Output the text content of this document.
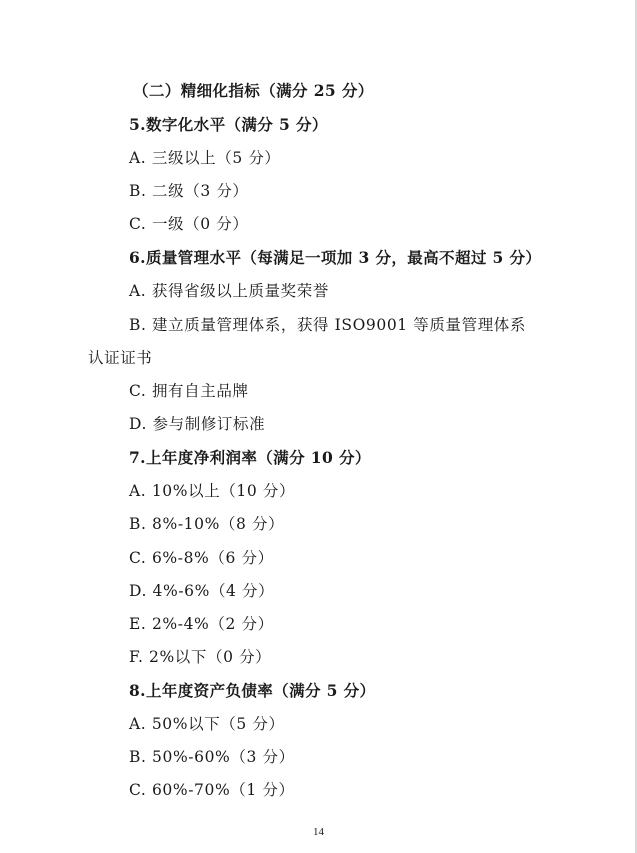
（二）精细化指标（满分 25 分）
5.数字化水平（满分 5 分）
A. 三级以上（5 分）
B. 二级（3 分）
C. 一级（0 分）
6.质量管理水平（每满足一项加 3 分，最高不超过 5 分）
A. 获得省级以上质量奖荣誉
B. 建立质量管理体系，获得 ISO9001 等质量管理体系
认证证书
C. 拥有自主品牌
D. 参与制修订标准
7.上年度净利润率（满分 10 分）
A. 10%以上（10 分）
B. 8%-10%（8 分）
C. 6%-8%（6 分）
D. 4%-6%（4 分）
E. 2%-4%（2 分）
F. 2%以下（0 分）
8.上年度资产负债率（满分 5 分）
A. 50%以下（5 分）
B. 50%-60%（3 分）
C. 60%-70%（1 分）
14
